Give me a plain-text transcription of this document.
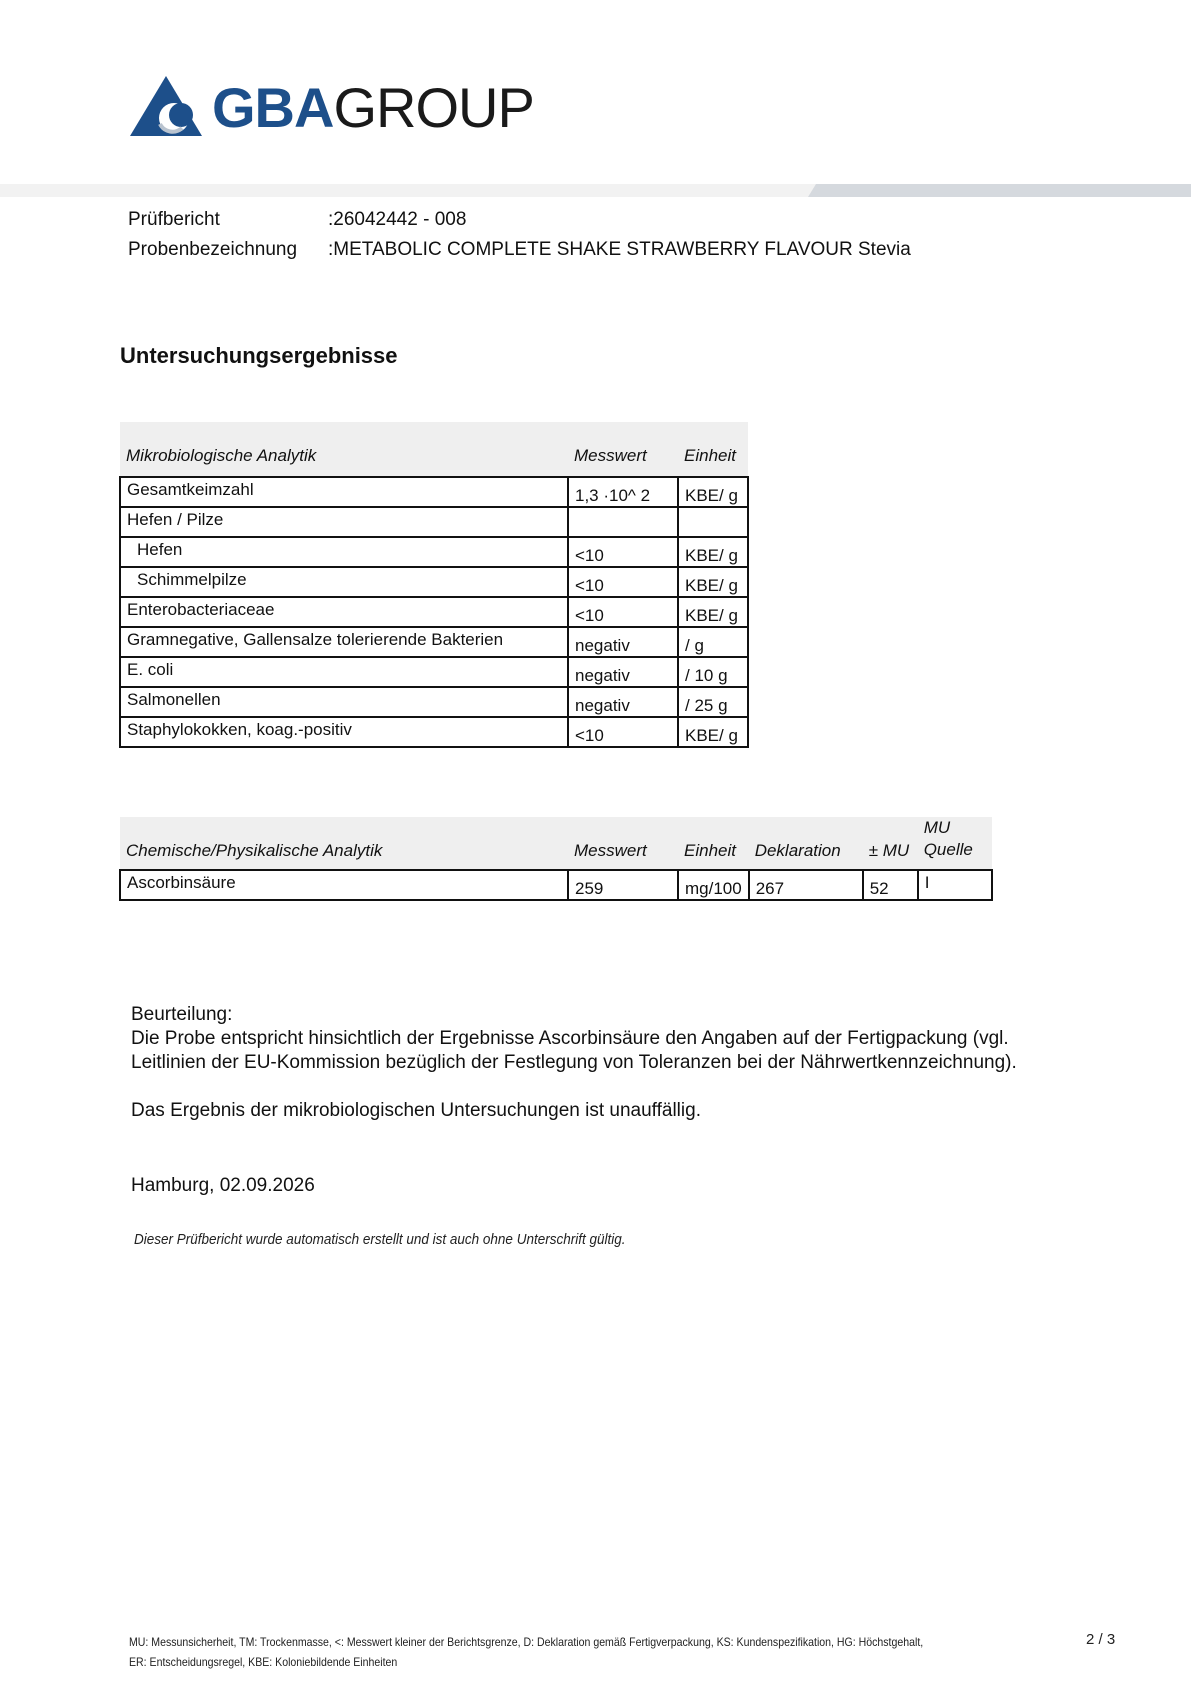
GBAGROUP
Prüfbericht	:26042442 - 008
Probenbezeichnung :METABOLIC COMPLETE SHAKE STRAWBERRY FLAVOUR Stevia
Untersuchungsergebnisse
Mikrobiologische Analytik	Messwert	Einheit
Gesamtkeimzahl	1,3 ·10^ 2	KBE/ g
Hefen / Pilze		
Hefen	<10	KBE/ g
Schimmelpilze	<10	KBE/ g
Enterobacteriaceae	<10	KBE/ g
Gramnegative, Gallensalze tolerierende Bakterien	negativ	/ g
E. coli	negativ	/ 10 g
Salmonellen	negativ	/ 25 g
Staphylokokken, koag.-positiv	<10	KBE/ g
Chemische/Physikalische Analytik	Messwert	Einheit	Deklaration	± MU	MU
Quelle
Ascorbinsäure	259	mg/100	267	52	I
Beurteilung:
Die Probe entspricht hinsichtlich der Ergebnisse Ascorbinsäure den Angaben auf der Fertigpackung (vgl.
Leitlinien der EU-Kommission bezüglich der Festlegung von Toleranzen bei der Nährwertkennzeichnung).
Das Ergebnis der mikrobiologischen Untersuchungen ist unauffällig.
Hamburg, 02.09.2026
Dieser Prüfbericht wurde automatisch erstellt und ist auch ohne Unterschrift gültig.
MU: Messunsicherheit, TM: Trockenmasse, <: Messwert kleiner der Berichtsgrenze, D: Deklaration gemäß Fertigverpackung, KS: Kundenspezifikation, HG: Höchstgehalt,
ER: Entscheidungsregel, KBE: Koloniebildende Einheiten
2 / 3
